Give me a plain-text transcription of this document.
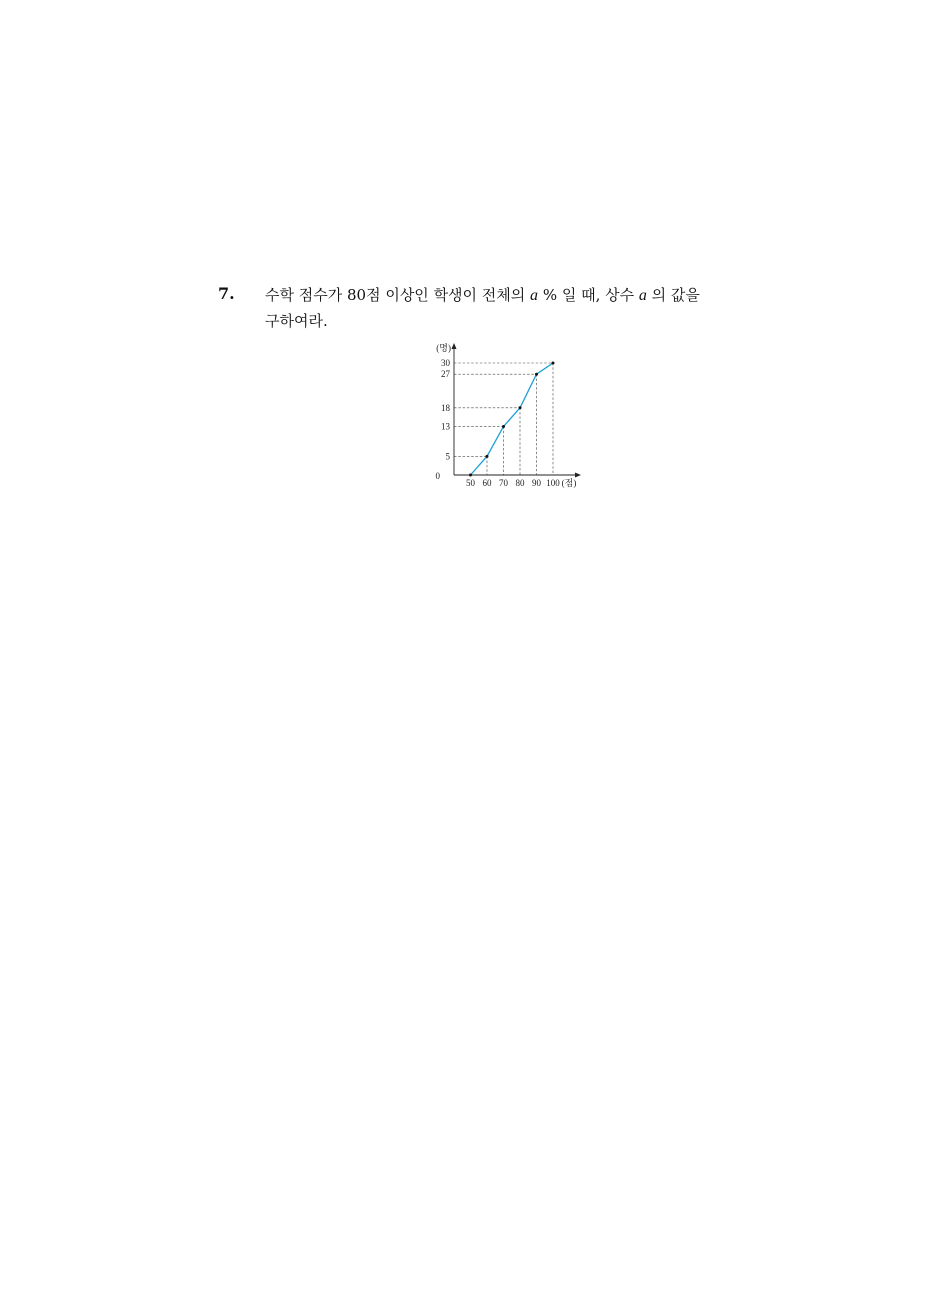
7. 수학 점수가 80점 이상인 학생이 전체의 a % 일 때, 상수 a 의 값을
구하여라.
50 60 70 80 90 100 (점)
0
5
13
18
27
30
(명)
